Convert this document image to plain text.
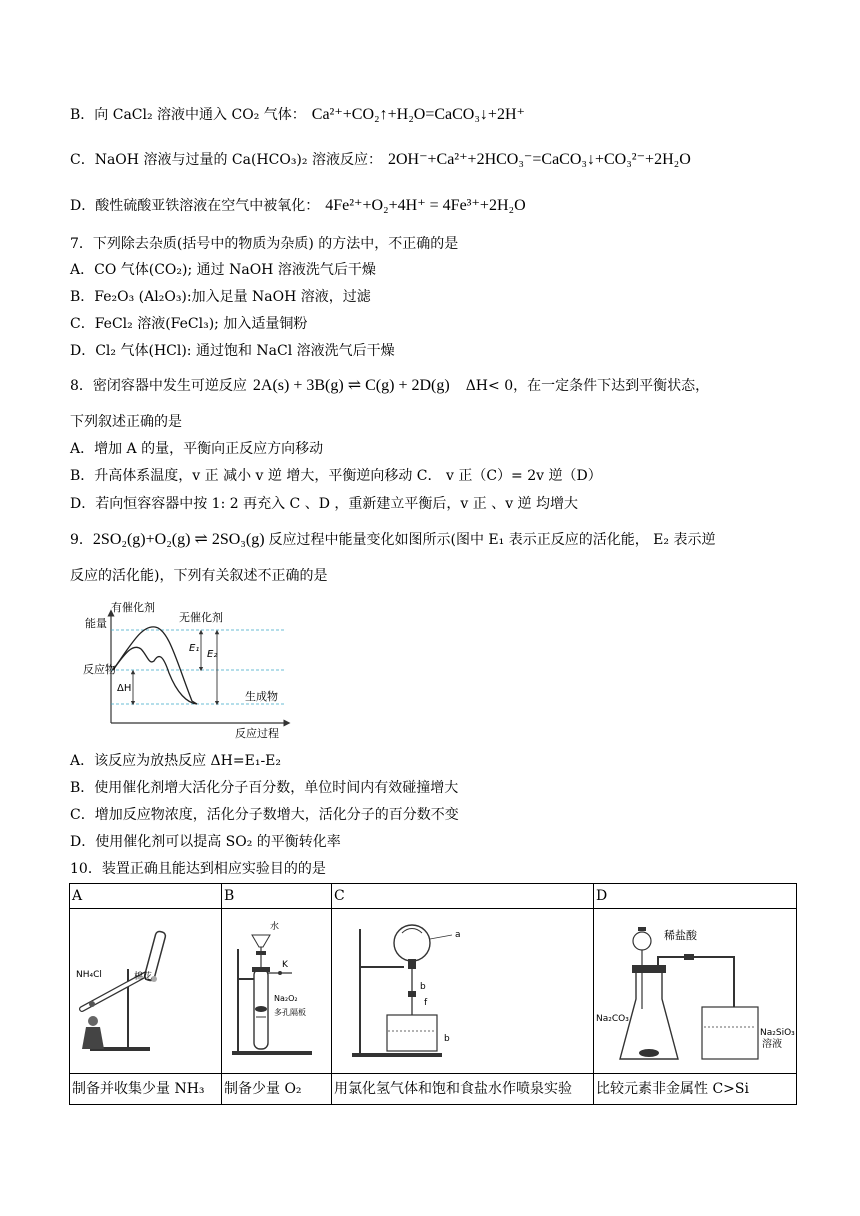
B．向 CaCl₂ 溶液中通入 CO₂ 气体： Ca²⁺+CO₂↑+H₂O=CaCO₃↓+2H⁺
C．NaOH 溶液与过量的 Ca(HCO₃)₂ 溶液反应： 2OH⁻+Ca²⁺+2HCO₃⁻=CaCO₃↓+CO₃²⁻+2H₂O
D．酸性硫酸亚铁溶液在空气中被氧化： 4Fe²⁺+O₂+4H⁺ = 4Fe³⁺+2H₂O
7．下列除去杂质(括号中的物质为杂质) 的方法中，不正确的是
A．CO 气体(CO₂); 通过 NaOH 溶液洗气后干燥
B．Fe₂O₃ (Al₂O₃):加入足量 NaOH 溶液，过滤
C．FeCl₂ 溶液(FeCl₃); 加入适量铜粉
D．Cl₂ 气体(HCl): 通过饱和 NaCl 溶液洗气后干燥
8．密闭容器中发生可逆反应 2A(s) + 3B(g) ⇌ C(g) + 2D(g) ΔH< 0，在一定条件下达到平衡状态，
下列叙述正确的是
A．增加 A 的量，平衡向正反应方向移动
B．升高体系温度，v 正 减小 v 逆 增大，平衡逆向移动 C． v 正（C）= 2v 逆（D）
D．若向恒容容器中按 1: 2 再充入 C 、D ，重新建立平衡后，v 正 、v 逆 均增大
9．2SO₂(g)+O₂(g) ⇌ 2SO₃(g) 反应过程中能量变化如图所示(图中 E₁ 表示正反应的活化能， E₂ 表示逆
反应的活化能)，下列有关叙述不正确的是
能量
反应物
ΔH
有催化剂
无催化剂
E₁
E₂
生成物
反应过程
A．该反应为放热反应 ΔH=E₁-E₂
B．使用催化剂增大活化分子百分数，单位时间内有效碰撞增大
C．增加反应物浓度，活化分子数增大，活化分子的百分数不变
D．使用催化剂可以提高 SO₂ 的平衡转化率
10．装置正确且能达到相应实验目的的是
A	B	C	D

NH₄Cl 棉花	水
K
Na₂O₂
多孔隔板	a
b
f
b	稀盐酸
Na₂CO₃
Na₂SiO₃
溶液

制备并收集少量 NH₃	制备少量 O₂	用氯化氢气体和饱和食盐水作喷泉实验	比较元素非金属性 C>Si
